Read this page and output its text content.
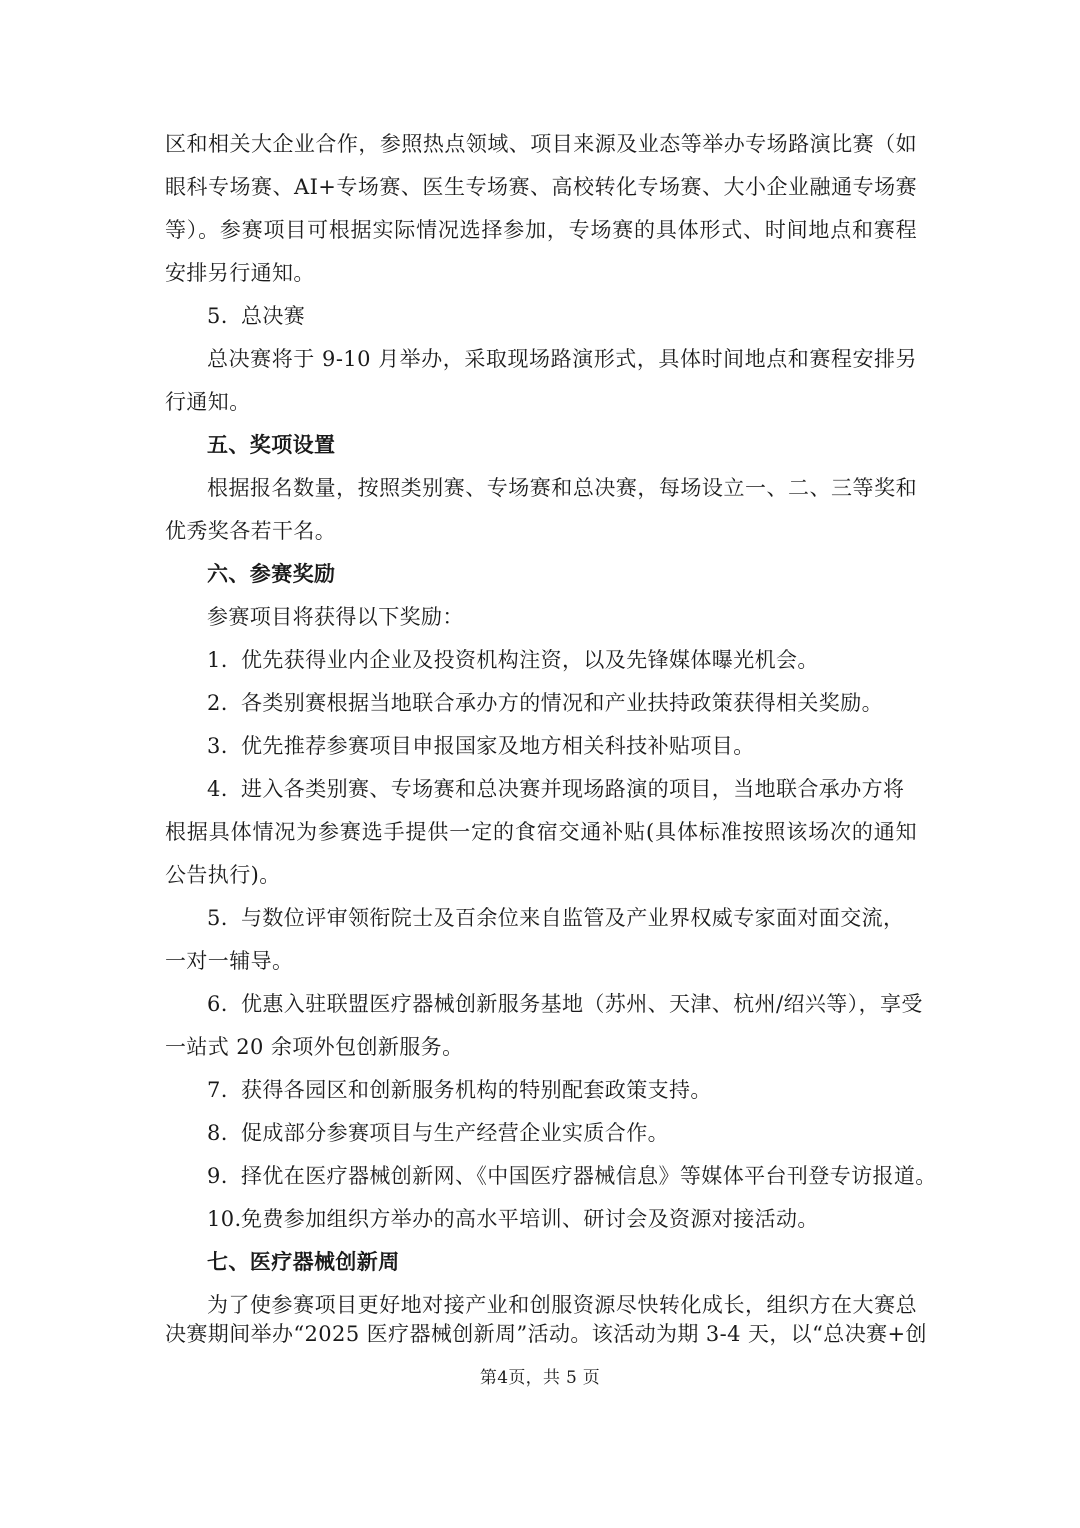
区和相关大企业合作，参照热点领域、项目来源及业态等举办专场路演比赛（如
眼科专场赛、AI+专场赛、医生专场赛、高校转化专场赛、大小企业融通专场赛
等）。参赛项目可根据实际情况选择参加，专场赛的具体形式、时间地点和赛程
安排另行通知。
5. 总决赛
总决赛将于 9-10 月举办，采取现场路演形式，具体时间地点和赛程安排另
行通知。
五、奖项设置
根据报名数量，按照类别赛、专场赛和总决赛，每场设立一、二、三等奖和
优秀奖各若干名。
六、参赛奖励
参赛项目将获得以下奖励：
1. 优先获得业内企业及投资机构注资，以及先锋媒体曝光机会。
2. 各类别赛根据当地联合承办方的情况和产业扶持政策获得相关奖励。
3. 优先推荐参赛项目申报国家及地方相关科技补贴项目。
4. 进入各类别赛、专场赛和总决赛并现场路演的项目，当地联合承办方将
根据具体情况为参赛选手提供一定的食宿交通补贴(具体标准按照该场次的通知
公告执行)。
5. 与数位评审领衔院士及百余位来自监管及产业界权威专家面对面交流，
一对一辅导。
6. 优惠入驻联盟医疗器械创新服务基地（苏州、天津、杭州/绍兴等），享受
一站式 20 余项外包创新服务。
7. 获得各园区和创新服务机构的特别配套政策支持。
8. 促成部分参赛项目与生产经营企业实质合作。
9. 择优在医疗器械创新网、《中国医疗器械信息》等媒体平台刊登专访报道。
10.免费参加组织方举办的高水平培训、研讨会及资源对接活动。
七、医疗器械创新周
为了使参赛项目更好地对接产业和创服资源尽快转化成长，组织方在大赛总
决赛期间举办“2025 医疗器械创新周”活动。该活动为期 3-4 天，以“总决赛+创
第4页，共 5 页
